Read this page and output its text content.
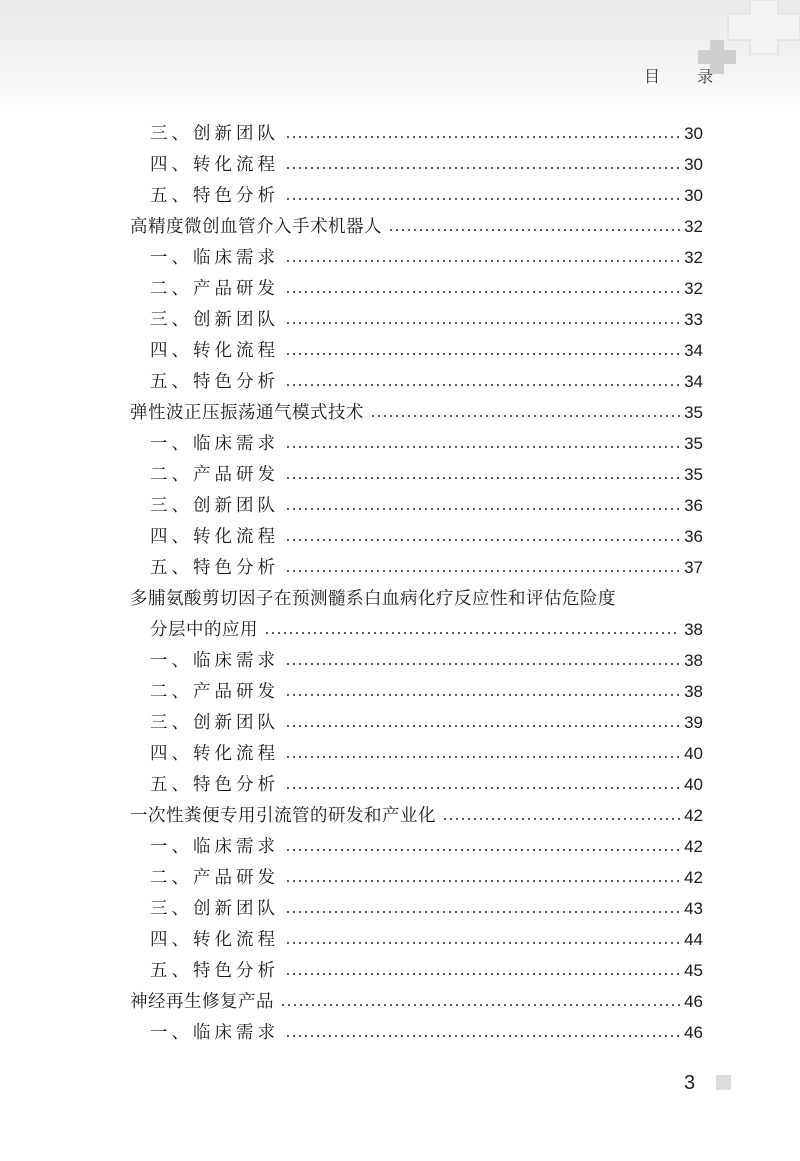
目 录
三、创新团队	30
四、转化流程	30
五、特色分析	30
高精度微创血管介入手术机器人	32
一、临床需求	32
二、产品研发	32
三、创新团队	33
四、转化流程	34
五、特色分析	34
弹性波正压振荡通气模式技术	35
一、临床需求	35
二、产品研发	35
三、创新团队	36
四、转化流程	36
五、特色分析	37
多脯氨酸剪切因子在预测髓系白血病化疗反应性和评估危险度
分层中的应用	38
一、临床需求	38
二、产品研发	38
三、创新团队	39
四、转化流程	40
五、特色分析	40
一次性粪便专用引流管的研发和产业化	42
一、临床需求	42
二、产品研发	42
三、创新团队	43
四、转化流程	44
五、特色分析	45
神经再生修复产品	46
一、临床需求	46
3
